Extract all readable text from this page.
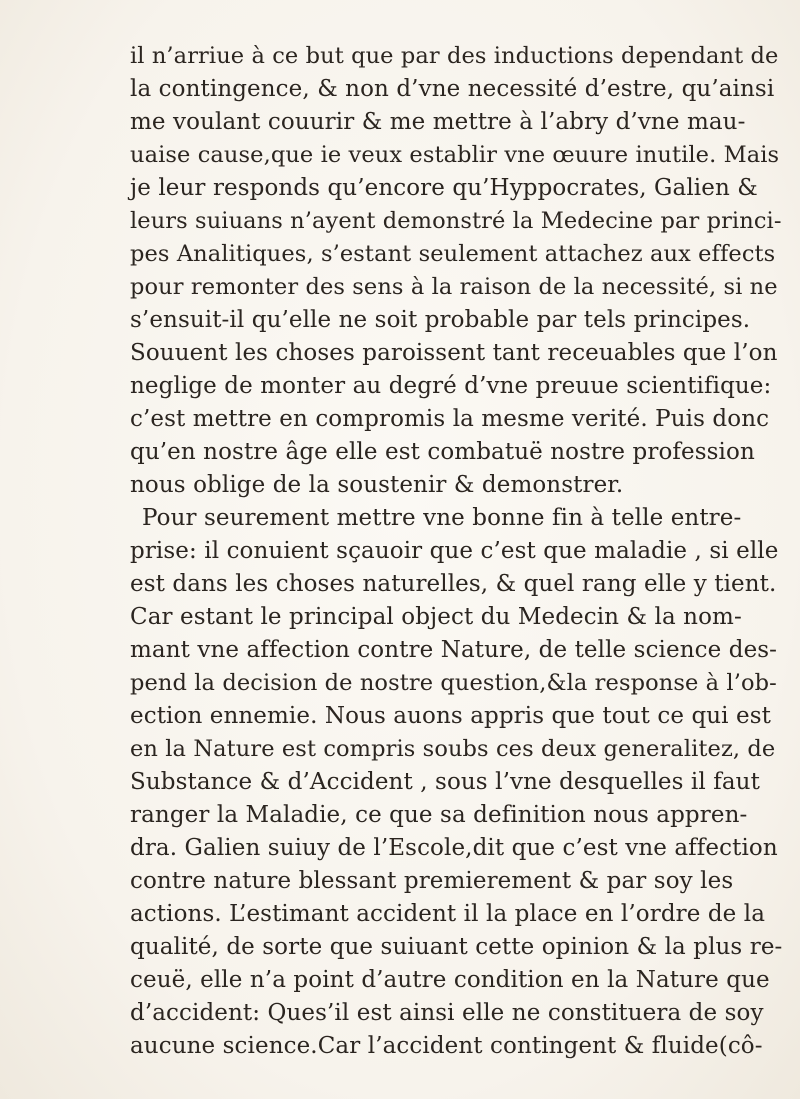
il n’arriue à ce but que par des inductions dependant de
la contingence, & non d’vne necessité d’estre, qu’ainsi
me voulant couurir & me mettre à l’abry d’vne mau-
uaise cause,que ie veux establir vne œuure inutile. Mais
je leur responds qu’encore qu’Hyppocrates, Galien &
leurs suiuans n’ayent demonstré la Medecine par princi-
pes Analitiques, s’estant seulement attachez aux effects
pour remonter des sens à la raison de la necessité, si ne
s’ensuit-il qu’elle ne soit probable par tels principes.
Souuent les choses paroissent tant receuables que l’on
neglige de monter au degré d’vne preuue scientifique:
c’est mettre en compromis la mesme verité. Puis donc
qu’en nostre âge elle est combatuë nostre profession
nous oblige de la soustenir & demonstrer.
Pour seurement mettre vne bonne fin à telle entre-
prise: il conuient sçauoir que c’est que maladie , si elle
est dans les choses naturelles, & quel rang elle y tient.
Car estant le principal object du Medecin & la nom-
mant vne affection contre Nature, de telle science des-
pend la decision de nostre question,&la response à l’ob-
ection ennemie. Nous auons appris que tout ce qui est
en la Nature est compris soubs ces deux generalitez, de
Substance & d’Accident , sous l’vne desquelles il faut
ranger la Maladie, ce que sa definition nous appren-
dra. Galien suiuy de l’Escole,dit que c’est vne affection
contre nature blessant premierement & par soy les
actions. L’estimant accident il la place en l’ordre de la
qualité, de sorte que suiuant cette opinion & la plus re-
ceuë, elle n’a point d’autre condition en la Nature que
d’accident: Ques’il est ainsi elle ne constituera de soy
aucune science.Car l’accident contingent & fluide(cô-
